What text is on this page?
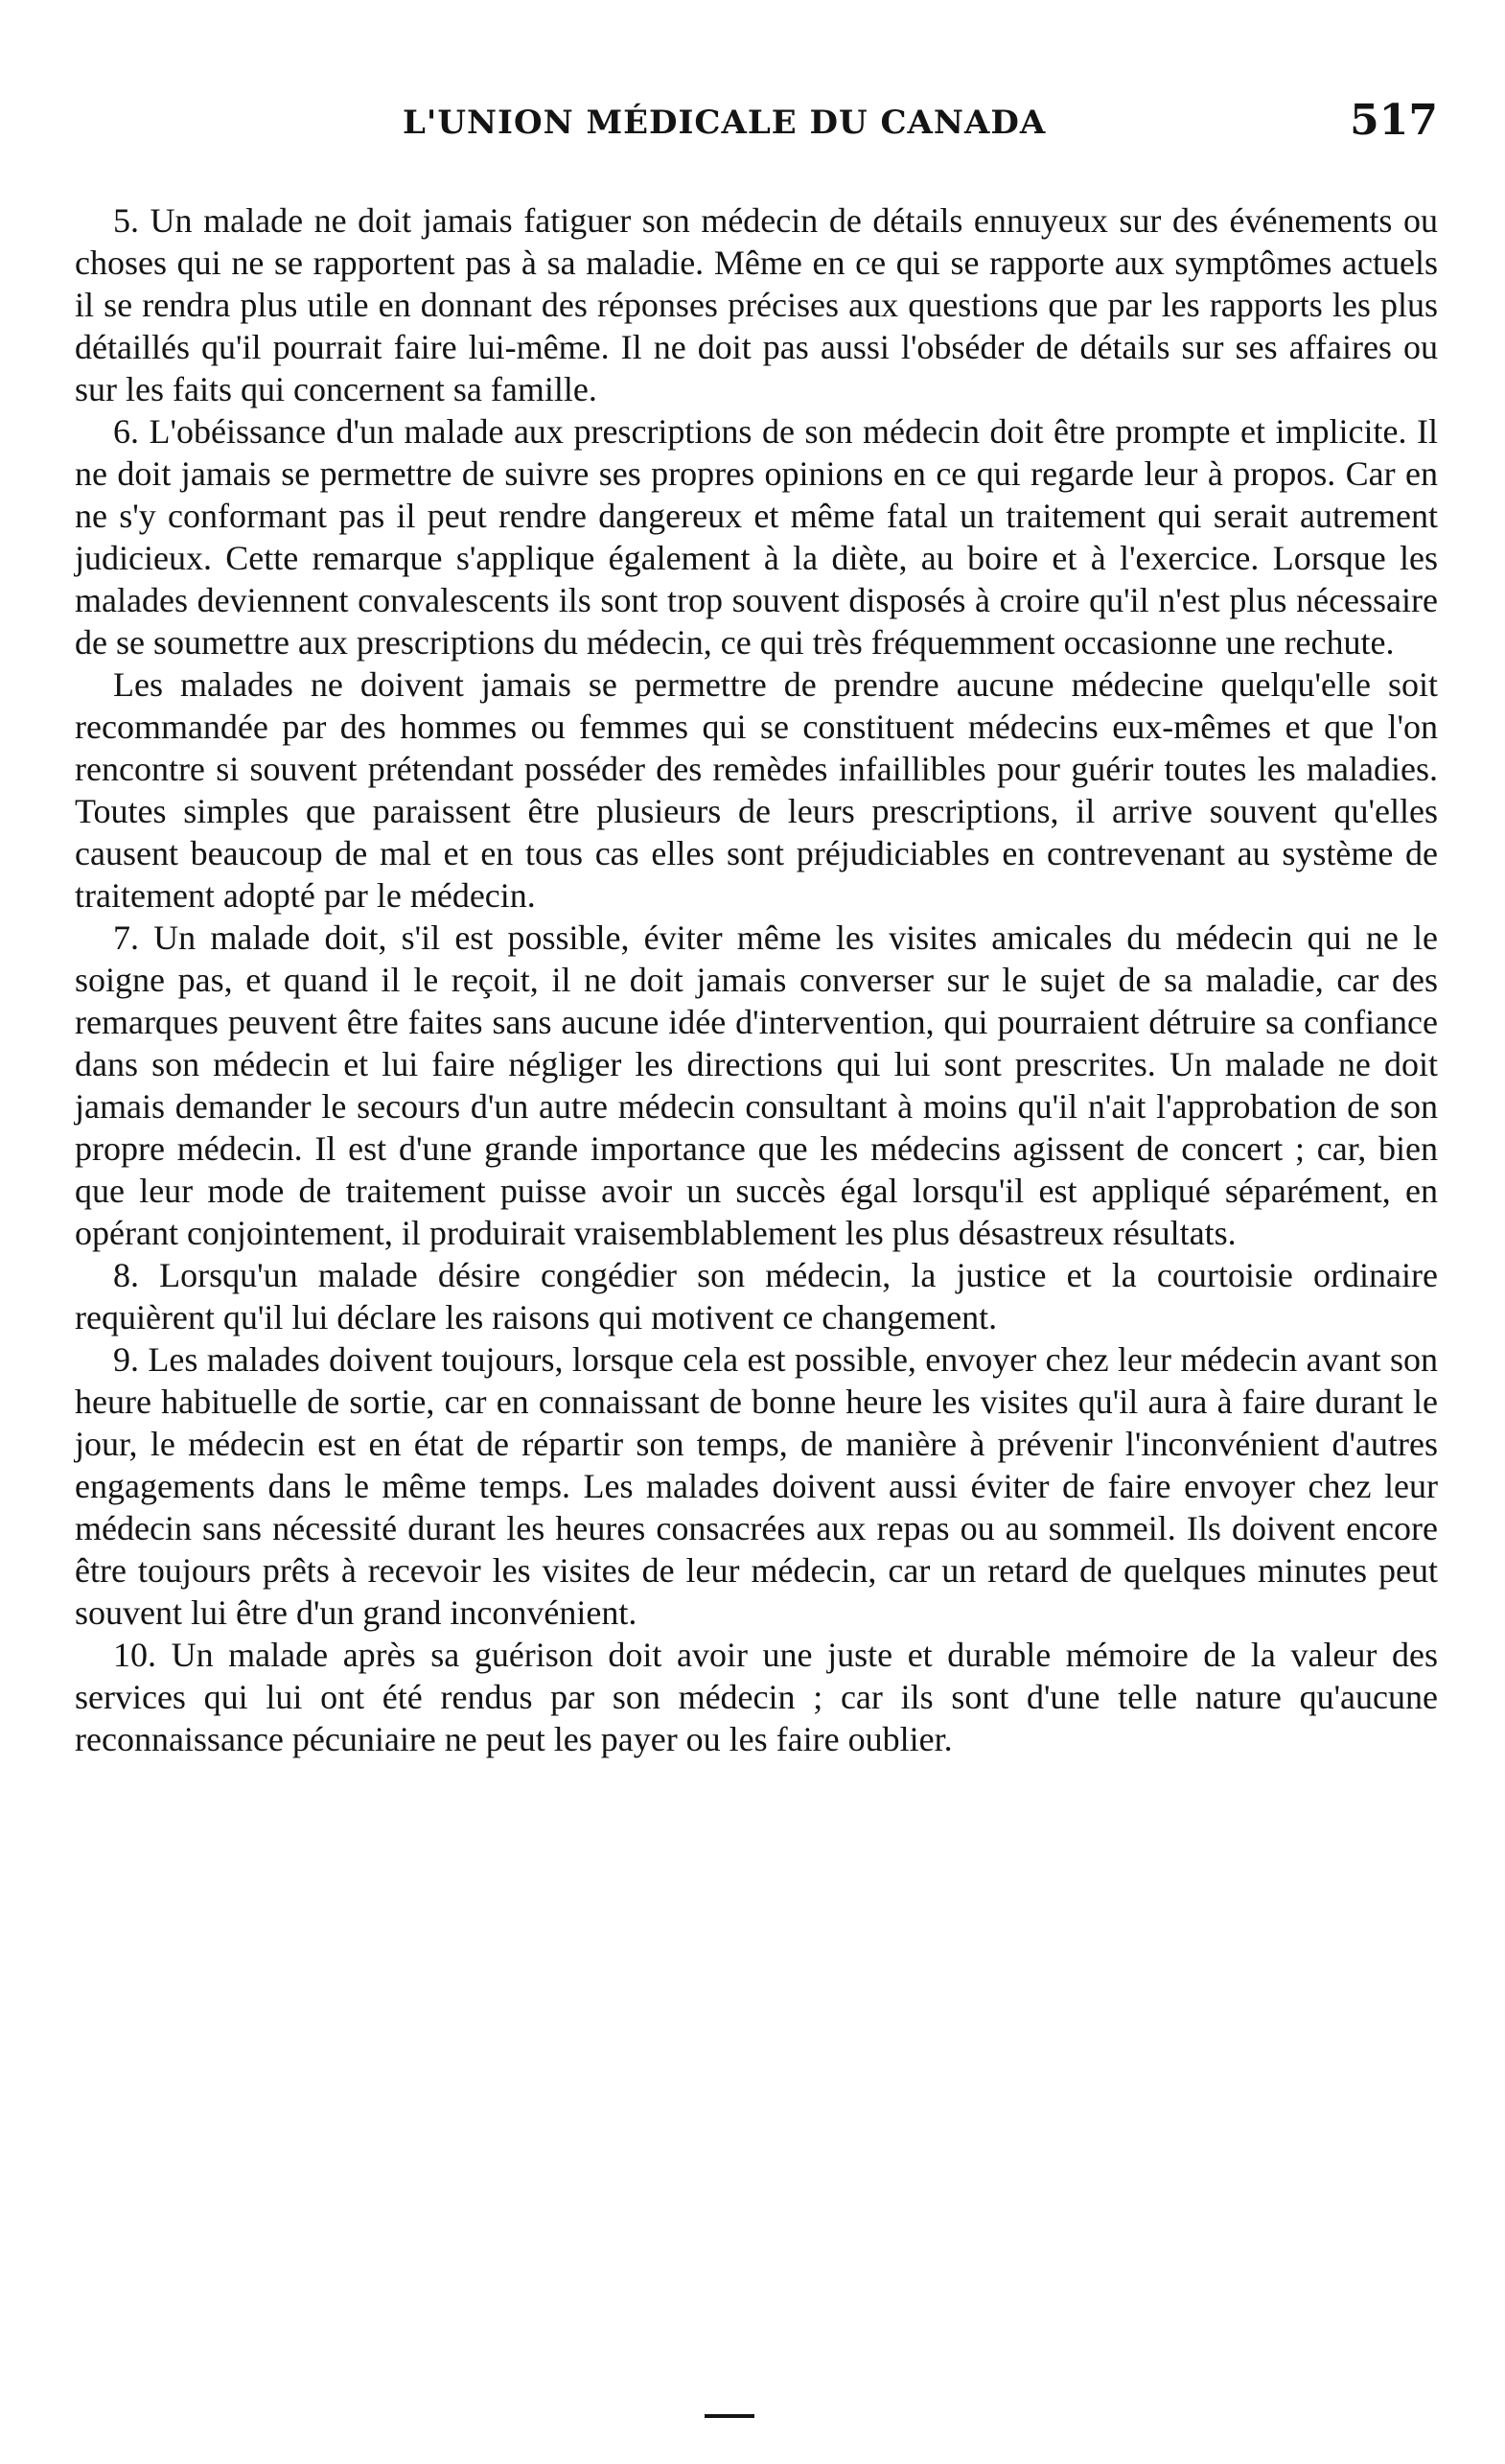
L'UNION MÉDICALE DU CANADA	517

5. Un malade ne doit jamais fatiguer son médecin de détails ennuyeux sur des événements ou choses qui ne se rapportent pas à sa maladie. Même en ce qui se rapporte aux symptômes actuels il se rendra plus utile en donnant des réponses précises aux questions que par les rapports les plus détaillés qu'il pourrait faire lui-même. Il ne doit pas aussi l'obséder de détails sur ses affaires ou sur les faits qui concernent sa famille.

6. L'obéissance d'un malade aux prescriptions de son médecin doit être prompte et implicite. Il ne doit jamais se permettre de suivre ses propres opinions en ce qui regarde leur à propos. Car en ne s'y conformant pas il peut rendre dangereux et même fatal un traitement qui serait autrement judicieux. Cette remarque s'applique également à la diète, au boire et à l'exercice. Lorsque les malades deviennent convalescents ils sont trop souvent disposés à croire qu'il n'est plus nécessaire de se soumettre aux prescriptions du médecin, ce qui très fréquemment occasionne une rechute.

Les malades ne doivent jamais se permettre de prendre aucune médecine quelqu'elle soit recommandée par des hommes ou femmes qui se constituent médecins eux-mêmes et que l'on rencontre si souvent prétendant posséder des remèdes infaillibles pour guérir toutes les maladies. Toutes simples que paraissent être plusieurs de leurs prescriptions, il arrive souvent qu'elles causent beaucoup de mal et en tous cas elles sont préjudiciables en contrevenant au système de traitement adopté par le médecin.

7. Un malade doit, s'il est possible, éviter même les visites amicales du médecin qui ne le soigne pas, et quand il le reçoit, il ne doit jamais converser sur le sujet de sa maladie, car des remarques peuvent être faites sans aucune idée d'intervention, qui pourraient détruire sa confiance dans son médecin et lui faire négliger les directions qui lui sont prescrites. Un malade ne doit jamais demander le secours d'un autre médecin consultant à moins qu'il n'ait l'approbation de son propre médecin. Il est d'une grande importance que les médecins agissent de concert ; car, bien que leur mode de traitement puisse avoir un succès égal lorsqu'il est appliqué séparément, en opérant conjointement, il produirait vraisemblablement les plus désastreux résultats.

8. Lorsqu'un malade désire congédier son médecin, la justice et la courtoisie ordinaire requièrent qu'il lui déclare les raisons qui motivent ce changement.

9. Les malades doivent toujours, lorsque cela est possible, envoyer chez leur médecin avant son heure habituelle de sortie, car en connaissant de bonne heure les visites qu'il aura à faire durant le jour, le médecin est en état de répartir son temps, de manière à prévenir l'inconvénient d'autres engagements dans le même temps. Les malades doivent aussi éviter de faire envoyer chez leur médecin sans nécessité durant les heures consacrées aux repas ou au sommeil. Ils doivent encore être toujours prêts à recevoir les visites de leur médecin, car un retard de quelques minutes peut souvent lui être d'un grand inconvénient.

10. Un malade après sa guérison doit avoir une juste et durable mémoire de la valeur des services qui lui ont été rendus par son médecin ; car ils sont d'une telle nature qu'aucune reconnaissance pécuniaire ne peut les payer ou les faire oublier.
